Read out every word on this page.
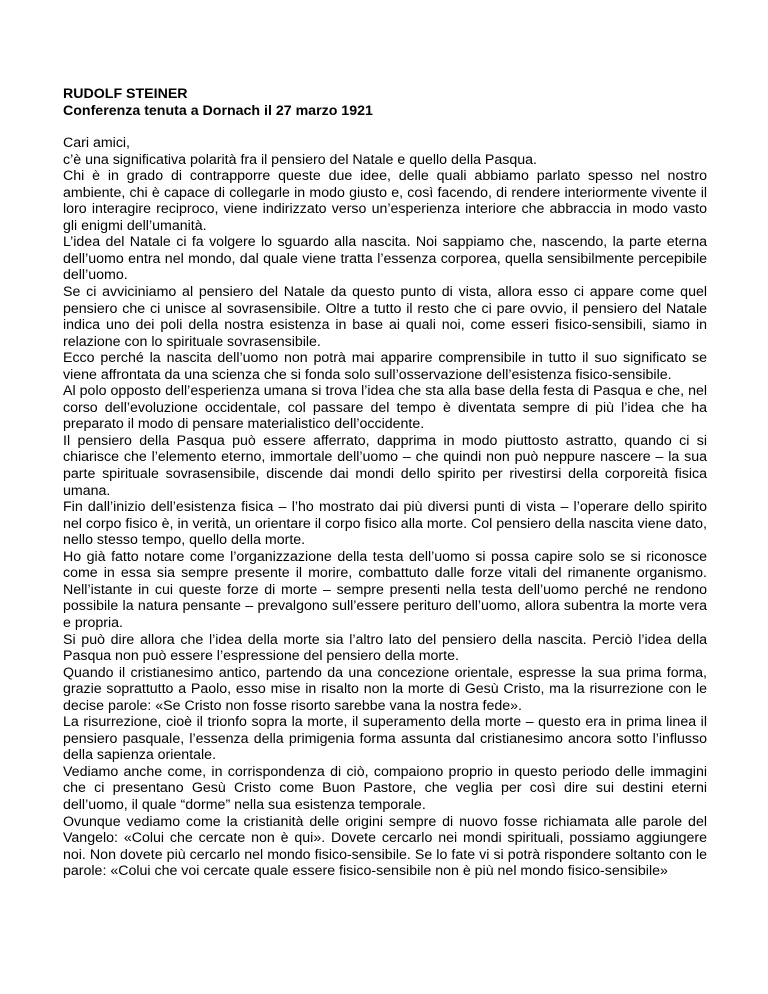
RUDOLF STEINER

Conferenza tenuta a Dornach il 27 marzo 1921

Cari amici,

c’è una significativa polarità fra il pensiero del Natale e quello della Pasqua.

Chi è in grado di contrapporre queste due idee, delle quali abbiamo parlato spesso nel nostro ambiente, chi è capace di collegarle in modo giusto e, così facendo, di rendere interiormente vivente il loro interagire reciproco, viene indirizzato verso un’esperienza interiore che abbraccia in modo vasto gli enigmi dell’umanità.

L’idea del Natale ci fa volgere lo sguardo alla nascita. Noi sappiamo che, nascendo, la parte eterna dell’uomo entra nel mondo, dal quale viene tratta l’essenza corporea, quella sensibilmente percepibile dell’uomo.

Se ci avviciniamo al pensiero del Natale da questo punto di vista, allora esso ci appare come quel pensiero che ci unisce al sovrasensibile. Oltre a tutto il resto che ci pare ovvio, il pensiero del Natale indica uno dei poli della nostra esistenza in base ai quali noi, come esseri fisico-sensibili, siamo in relazione con lo spirituale sovrasensibile.

Ecco perché la nascita dell’uomo non potrà mai apparire comprensibile in tutto il suo significato se viene affrontata da una scienza che si fonda solo sull’osservazione dell’esistenza fisico-sensibile.

Al polo opposto dell’esperienza umana si trova l’idea che sta alla base della festa di Pasqua e che, nel corso dell’evoluzione occidentale, col passare del tempo è diventata sempre di più l’idea che ha preparato il modo di pensare materialistico dell’occidente.

Il pensiero della Pasqua può essere afferrato, dapprima in modo piuttosto astratto, quando ci si chiarisce che l’elemento eterno, immortale dell’uomo – che quindi non può neppure nascere – la sua parte spirituale sovrasensibile, discende dai mondi dello spirito per rivestirsi della corporeità fisica umana.

Fin dall’inizio dell’esistenza fisica – l’ho mostrato dai più diversi punti di vista – l’operare dello spirito nel corpo fisico è, in verità, un orientare il corpo fisico alla morte. Col pensiero della nascita viene dato, nello stesso tempo, quello della morte.

Ho già fatto notare come l’organizzazione della testa dell’uomo si possa capire solo se si riconosce come in essa sia sempre presente il morire, combattuto dalle forze vitali del rimanente organismo. Nell’istante in cui queste forze di morte – sempre presenti nella testa dell’uomo perché ne rendono possibile la natura pensante – prevalgono sull’essere perituro dell’uomo, allora subentra la morte vera e propria.

Si può dire allora che l’idea della morte sia l’altro lato del pensiero della nascita. Perciò l’idea della Pasqua non può essere l’espressione del pensiero della morte.

Quando il cristianesimo antico, partendo da una concezione orientale, espresse la sua prima forma, grazie soprattutto a Paolo, esso mise in risalto non la morte di Gesù Cristo, ma la risurrezione con le decise parole: «Se Cristo non fosse risorto sarebbe vana la nostra fede».

La risurrezione, cioè il trionfo sopra la morte, il superamento della morte – questo era in prima linea il pensiero pasquale, l’essenza della primigenia forma assunta dal cristianesimo ancora sotto l’influsso della sapienza orientale.

Vediamo anche come, in corrispondenza di ciò, compaiono proprio in questo periodo delle immagini che ci presentano Gesù Cristo come Buon Pastore, che veglia per così dire sui destini eterni dell’uomo, il quale “dorme” nella sua esistenza temporale.

Ovunque vediamo come la cristianità delle origini sempre di nuovo fosse richiamata alle parole del Vangelo: «Colui che cercate non è qui». Dovete cercarlo nei mondi spirituali, possiamo aggiungere noi. Non dovete più cercarlo nel mondo fisico-sensibile. Se lo fate vi si potrà rispondere soltanto con le parole: «Colui che voi cercate quale essere fisico-sensibile non è più nel mondo fisico-sensibile»
